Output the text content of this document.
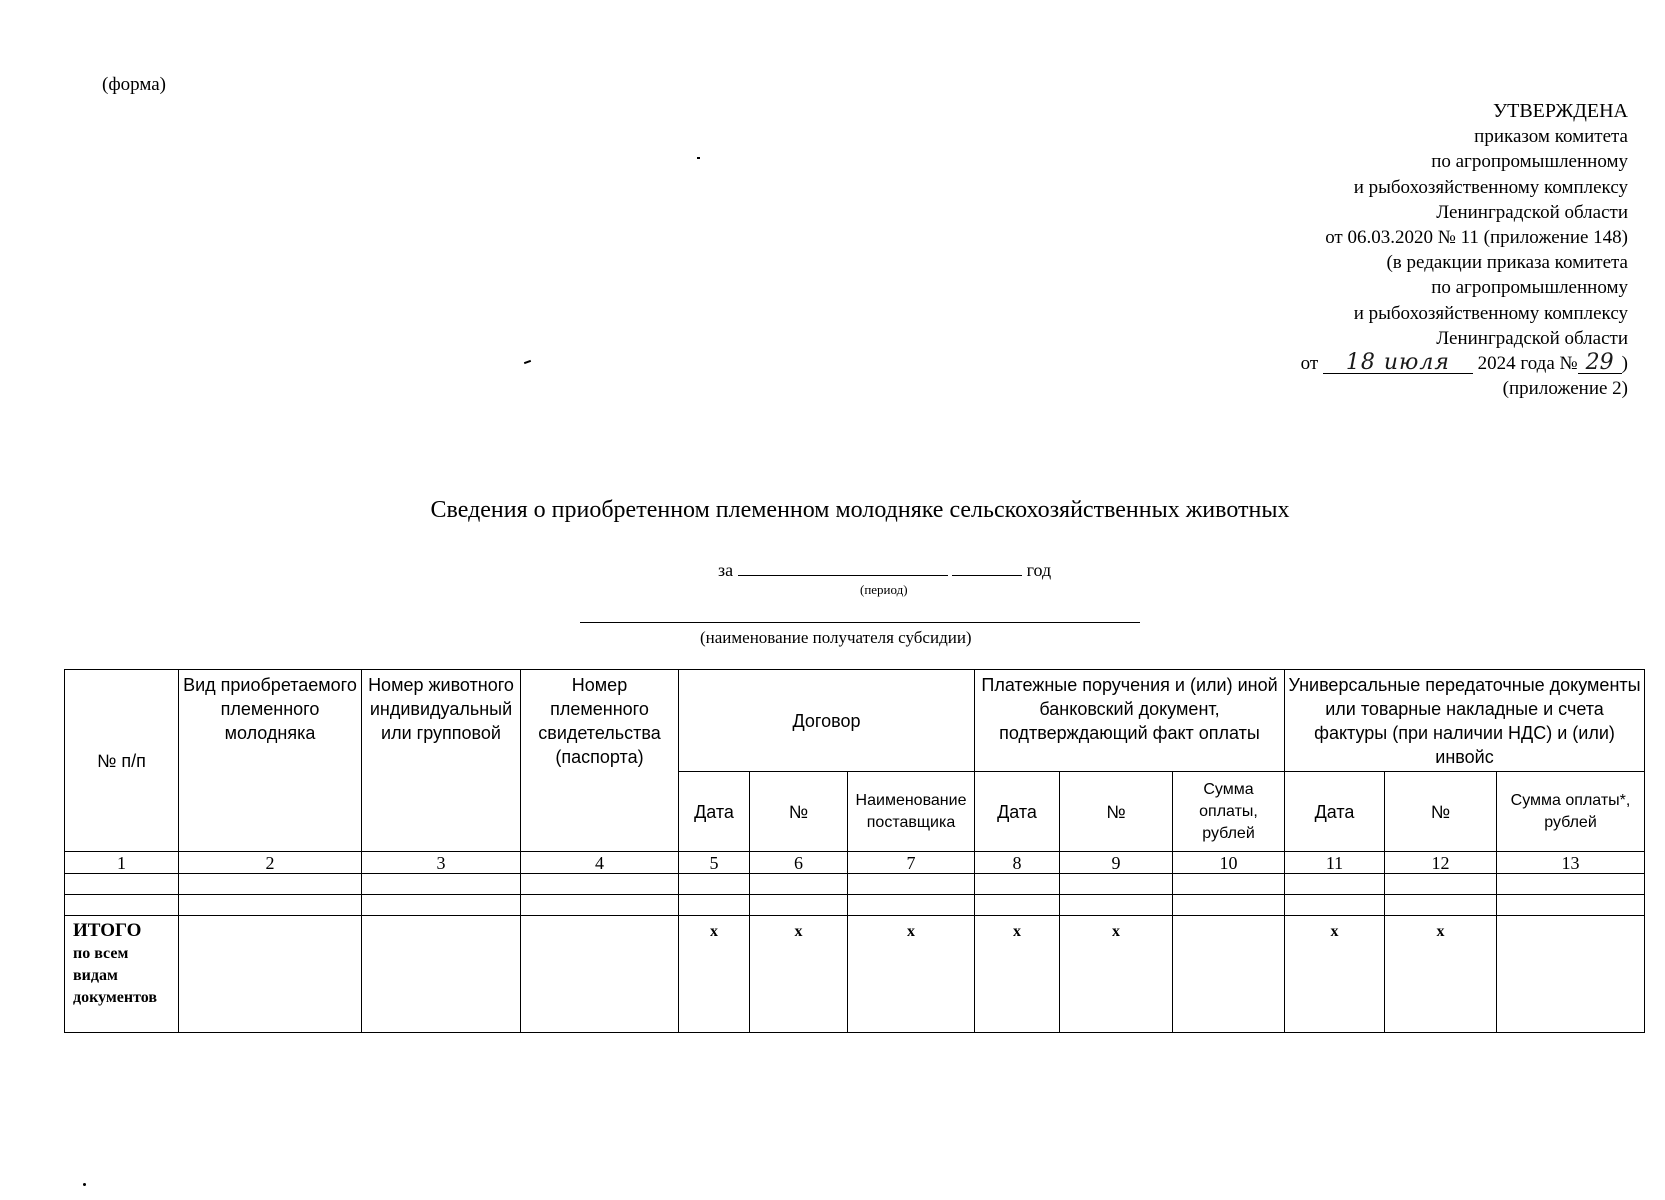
(форма)
УТВЕРЖДЕНА
приказом комитета
по агропромышленному
и рыбохозяйственному комплексу
Ленинградской области
от 06.03.2020 № 11 (приложение 148)
(в редакции приказа комитета
по агропромышленному
и рыбохозяйственному комплексу
Ленинградской области
от 18 июля 2024 года № 29 )
(приложение 2)
Сведения о приобретенном племенном молодняке сельскохозяйственных животных
за	год
(период)
(наименование получателя субсидии)
№ п/п	Вид приобретаемого племенного молодняка	Номер животного индивидуальный или групповой	Номер племенного свидетельства (паспорта)	Договор			Платежные поручения и (или) иной банковский документ, подтверждающий факт оплаты			Универсальные передаточные документы или товарные накладные и счета фактуры (при наличии НДС) и (или) инвойс		
				Дата	№	Наименование поставщика	Дата	№	Сумма оплаты, рублей	Дата	№	Сумма оплаты*, рублей
1	2	3	4	5	6	7	8	9	10	11	12	13

ИТОГО
по всем видам документов				х	х	х	х	х		х	х	
